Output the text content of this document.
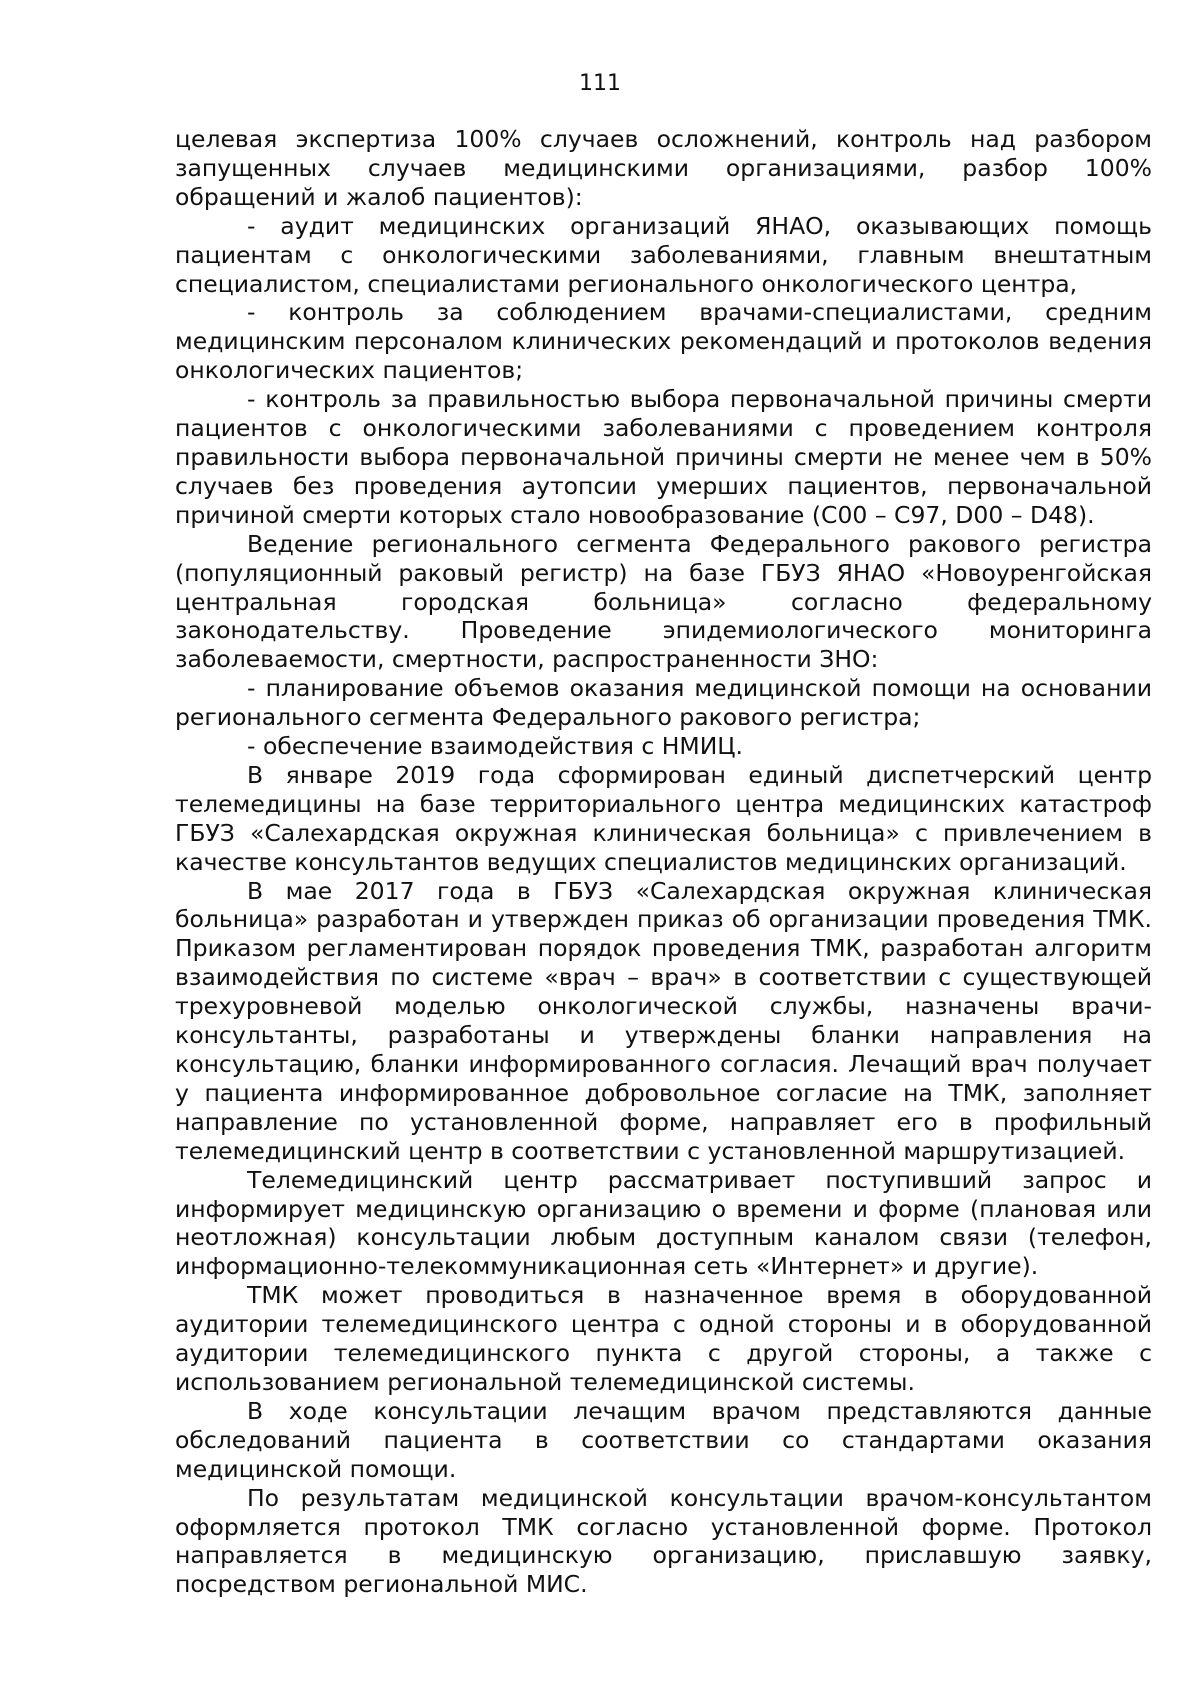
111

целевая экспертиза 100% случаев осложнений, контроль над разбором запущенных случаев медицинскими организациями, разбор 100% обращений и жалоб пациентов):

- аудит медицинских организаций ЯНАО, оказывающих помощь пациентам с онкологическими заболеваниями, главным внештатным специалистом, специалистами регионального онкологического центра,

- контроль за соблюдением врачами-специалистами, средним медицинским персоналом клинических рекомендаций и протоколов ведения онкологических пациентов;

- контроль за правильностью выбора первоначальной причины смерти пациентов с онкологическими заболеваниями с проведением контроля правильности выбора первоначальной причины смерти не менее чем в 50% случаев без проведения аутопсии умерших пациентов, первоначальной причиной смерти которых стало новообразование (С00 – С97, D00 – D48).

Ведение регионального сегмента Федерального ракового регистра (популяционный раковый регистр) на базе ГБУЗ ЯНАО «Новоуренгойская центральная городская больница» согласно федеральному законодательству. Проведение эпидемиологического мониторинга заболеваемости, смертности, распространенности ЗНО:

- планирование объемов оказания медицинской помощи на основании регионального сегмента Федерального ракового регистра;

- обеспечение взаимодействия с НМИЦ.

В январе 2019 года сформирован единый диспетчерский центр телемедицины на базе территориального центра медицинских катастроф ГБУЗ «Салехардская окружная клиническая больница» с привлечением в качестве консультантов ведущих специалистов медицинских организаций.

В мае 2017 года в ГБУЗ «Салехардская окружная клиническая больница» разработан и утвержден приказ об организации проведения ТМК. Приказом регламентирован порядок проведения ТМК, разработан алгоритм взаимодействия по системе «врач – врач» в соответствии с существующей трехуровневой моделью онкологической службы, назначены врачи-консультанты, разработаны и утверждены бланки направления на консультацию, бланки информированного согласия. Лечащий врач получает у пациента информированное добровольное согласие на ТМК, заполняет направление по установленной форме, направляет его в профильный телемедицинский центр в соответствии с установленной маршрутизацией.

Телемедицинский центр рассматривает поступивший запрос и информирует медицинскую организацию о времени и форме (плановая или неотложная) консультации любым доступным каналом связи (телефон, информационно-телекоммуникационная сеть «Интернет» и другие).

ТМК может проводиться в назначенное время в оборудованной аудитории телемедицинского центра с одной стороны и в оборудованной аудитории телемедицинского пункта с другой стороны, а также с использованием региональной телемедицинской системы.

В ходе консультации лечащим врачом представляются данные обследований пациента в соответствии со стандартами оказания медицинской помощи.

По результатам медицинской консультации врачом-консультантом оформляется протокол ТМК согласно установленной форме. Протокол направляется в медицинскую организацию, приславшую заявку, посредством региональной МИС.
